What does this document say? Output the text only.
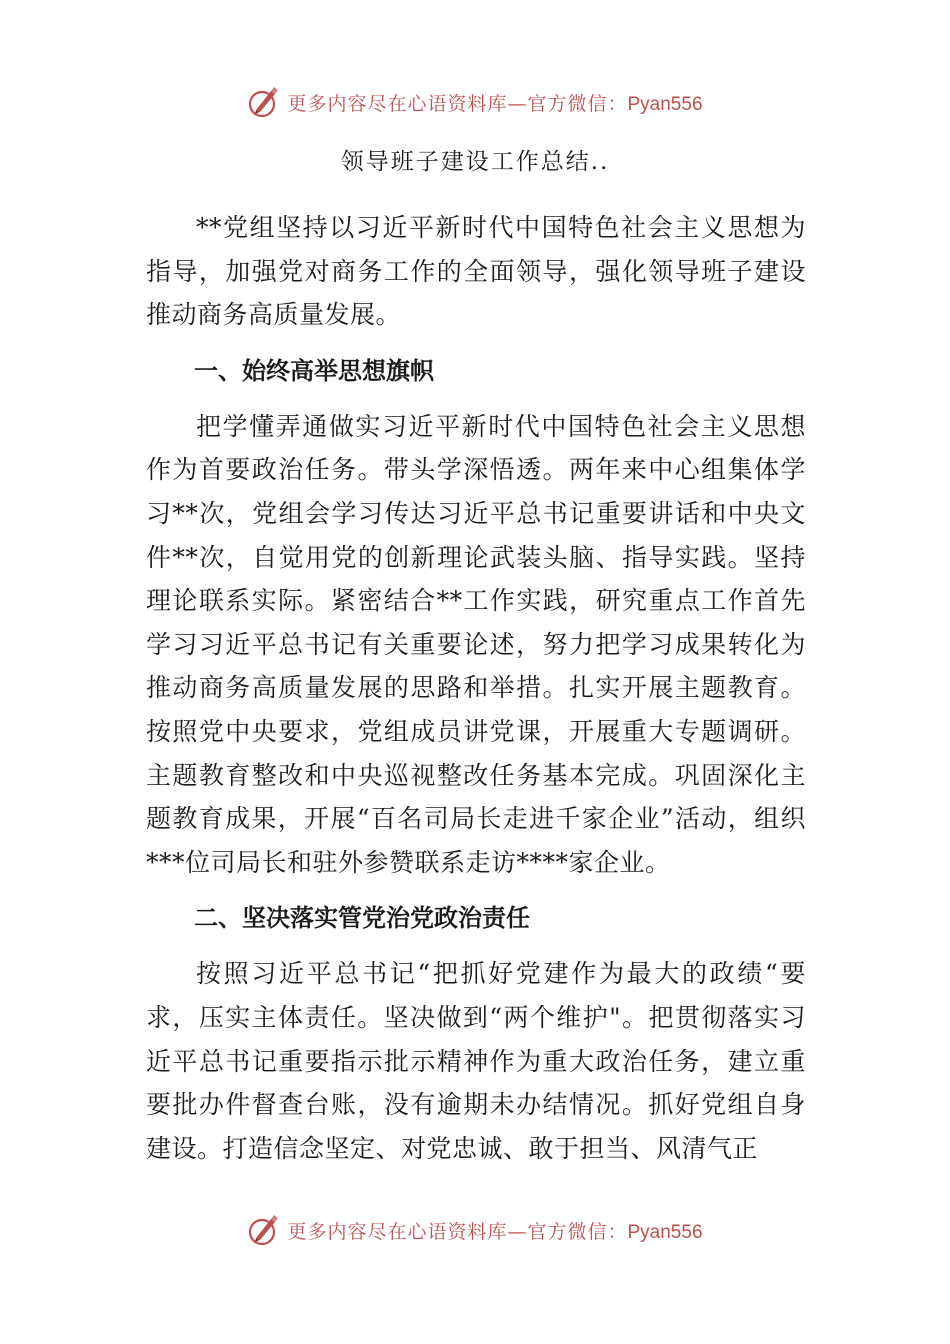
更多内容尽在心语资料库—官方微信：Pyan556
领导班子建设工作总结..

**党组坚持以习近平新时代中国特色社会主义思想为指导，加强党对商务工作的全面领导，强化领导班子建设推动商务高质量发展。

一、始终高举思想旗帜

把学懂弄通做实习近平新时代中国特色社会主义思想作为首要政治任务。带头学深悟透。两年来中心组集体学习**次，党组会学习传达习近平总书记重要讲话和中央文件**次，自觉用党的创新理论武装头脑、指导实践。坚持理论联系实际。紧密结合**工作实践，研究重点工作首先学习习近平总书记有关重要论述，努力把学习成果转化为推动商务高质量发展的思路和举措。扎实开展主题教育。按照党中央要求，党组成员讲党课，开展重大专题调研。主题教育整改和中央巡视整改任务基本完成。巩固深化主题教育成果，开展“百名司局长走进千家企业”活动，组织***位司局长和驻外参赞联系走访****家企业。

二、坚决落实管党治党政治责任

按照习近平总书记“把抓好党建作为最大的政绩“要求，压实主体责任。坚决做到“两个维护"。把贯彻落实习近平总书记重要指示批示精神作为重大政治任务，建立重要批办件督查台账，没有逾期未办结情况。抓好党组自身建设。打造信念坚定、对党忠诚、敢于担当、风清气正

更多内容尽在心语资料库—官方微信：Pyan556
